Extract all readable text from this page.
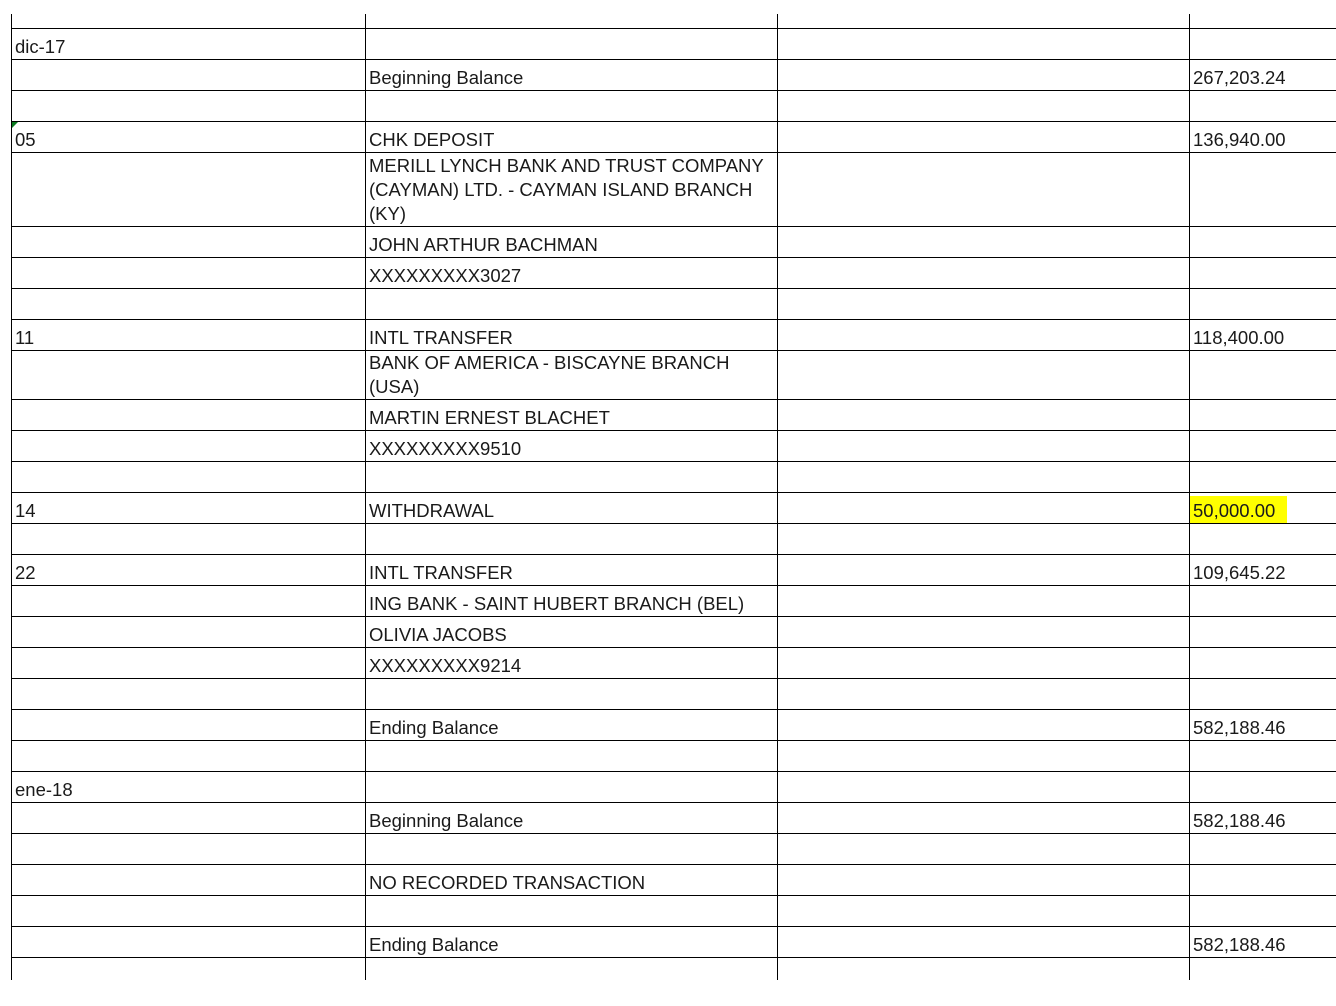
dic-17			
	Beginning Balance		267,203.24

05	CHK DEPOSIT		136,940.00
	MERILL LYNCH BANK AND TRUST COMPANY (CAYMAN) LTD. - CAYMAN ISLAND BRANCH (KY)		
	JOHN ARTHUR BACHMAN		
	XXXXXXXXX3027		

11	INTL TRANSFER		118,400.00
	BANK OF AMERICA - BISCAYNE BRANCH (USA)		
	MARTIN ERNEST BLACHET		
	XXXXXXXXX9510		

14	WITHDRAWAL		50,000.00

22	INTL TRANSFER		109,645.22
	ING BANK - SAINT HUBERT BRANCH (BEL)		
	OLIVIA JACOBS		
	XXXXXXXXX9214		

	Ending Balance		582,188.46

ene-18			
	Beginning Balance		582,188.46

	NO RECORDED TRANSACTION		

	Ending Balance		582,188.46
